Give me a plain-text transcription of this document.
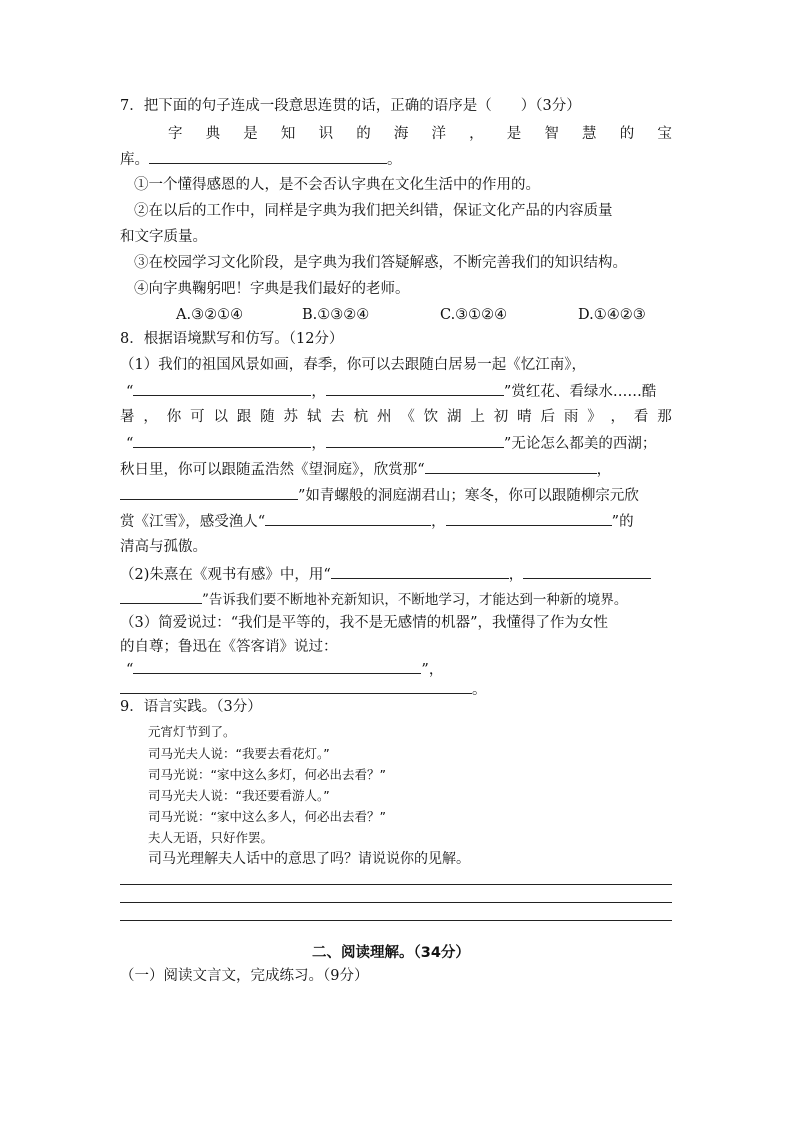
7．把下面的句子连成一段意思连贯的话，正确的语序是（　　）（3分）
字 典 是 知 识 的 海 洋 ， 是 智 慧 的 宝
库。	。
①一个懂得感恩的人，是不会否认字典在文化生活中的作用的。
②在以后的工作中，同样是字典为我们把关纠错，保证文化产品的内容质量
和文字质量。
③在校园学习文化阶段，是字典为我们答疑解惑，不断完善我们的知识结构。
④向字典鞠躬吧！字典是我们最好的老师。
A.③②①④	B.①③②④	C.③①②④	D.①④②③
8．根据语境默写和仿写。（12分）
（1）我们的祖国风景如画，春季，你可以去跟随白居易一起《忆江南》，
“	，	”赏红花、看绿水……酷
暑 ， 你 可 以 跟 随 苏 轼 去 杭 州 《 饮 湖 上 初 晴 后 雨 》 ， 看 那
“	，	”无论怎么都美的西湖；
秋日里，你可以跟随孟浩然《望洞庭》，欣赏那“	，
”如青螺般的洞庭湖君山；寒冬，你可以跟随柳宗元欣
赏《江雪》，感受渔人“	，	”的
清高与孤傲。
（2)朱熹在《观书有感》中，用“	，
”告诉我们要不断地补充新知识，不断地学习，才能达到一种新的境界。
（3）简爱说过：“我们是平等的，我不是无感情的机器”，我懂得了作为女性
的自尊；鲁迅在《答客诮》说过：
“	”，
。
9．语言实践。（3分）
元宵灯节到了。
司马光夫人说：“我要去看花灯。”
司马光说：“家中这么多灯，何必出去看？”
司马光夫人说：“我还要看游人。”
司马光说：“家中这么多人，何必出去看？”
夫人无语，只好作罢。
司马光理解夫人话中的意思了吗？请说说你的见解。
二、阅读理解。（34分）
（一）阅读文言文，完成练习。（9分）
